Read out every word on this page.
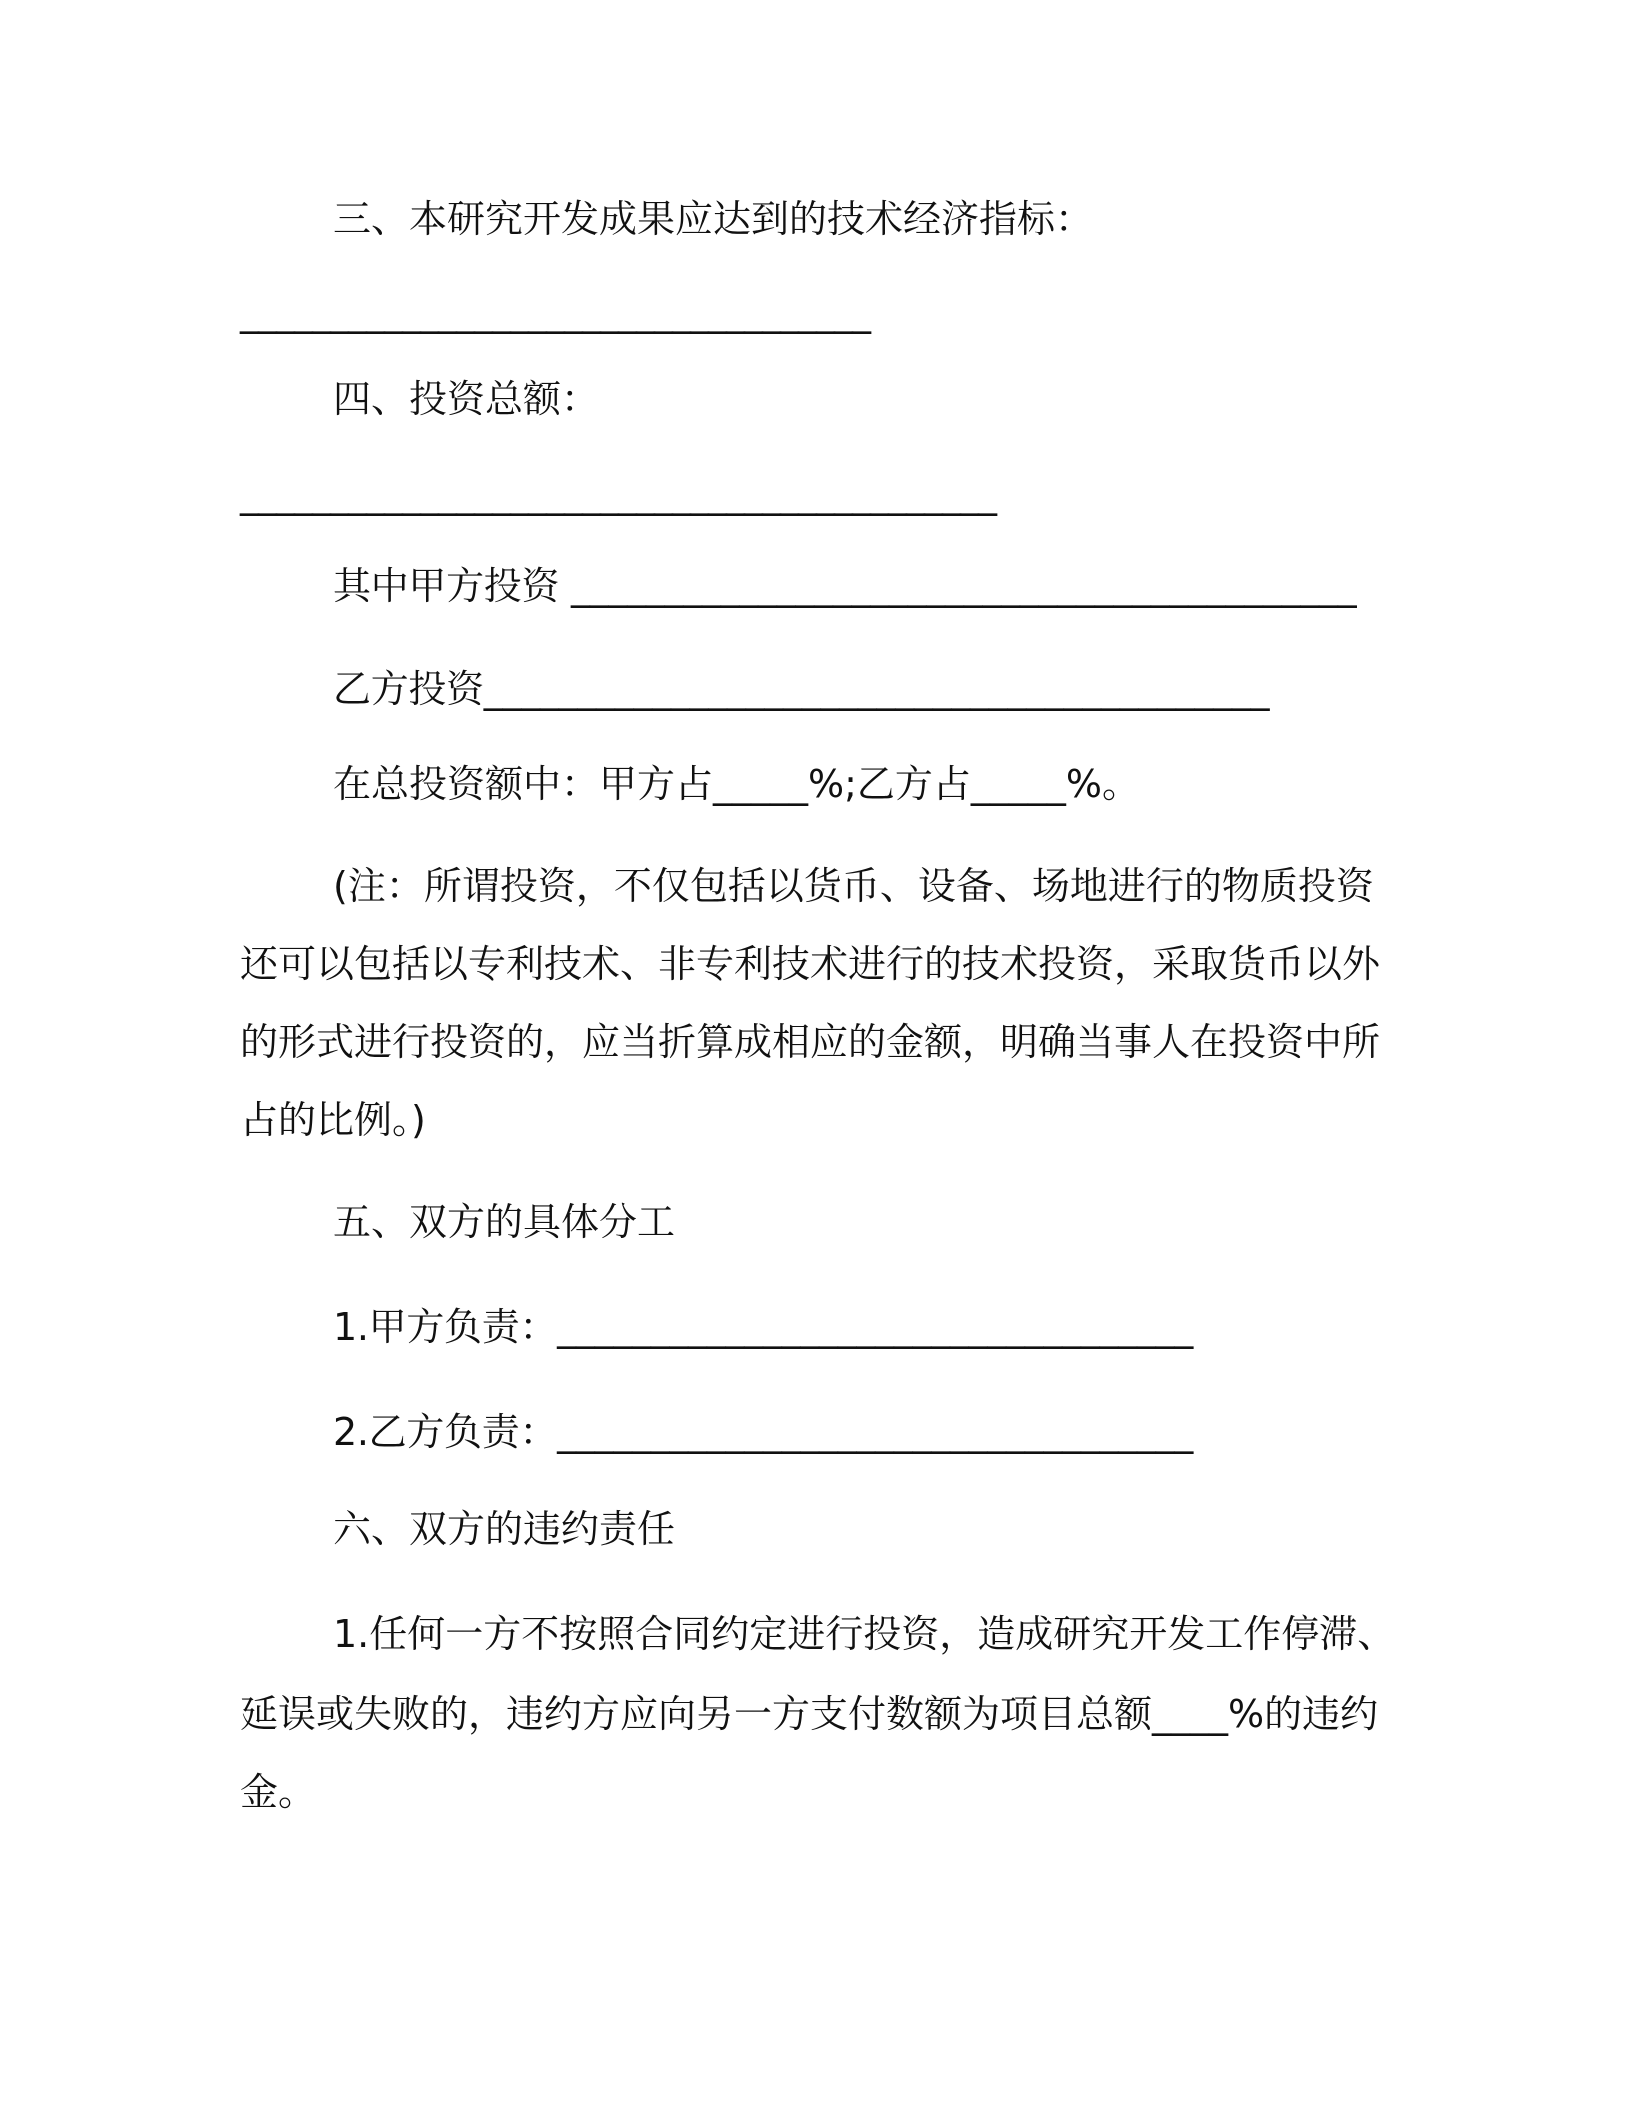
三、本研究开发成果应达到的技术经济指标：
___________________________________
四、投资总额：
__________________________________________
其中甲方投资 __________________________________________
乙方投资__________________________________________
在总投资额中：甲方占_____%;乙方占_____%。
(注：所谓投资，不仅包括以货币、设备、场地进行的物质投资
还可以包括以专利技术、非专利技术进行的技术投资，采取货币以外
的形式进行投资的，应当折算成相应的金额，明确当事人在投资中所
占的比例。)
五、双方的具体分工
1.甲方负责：__________________________________
2.乙方负责：__________________________________
六、双方的违约责任
1.任何一方不按照合同约定进行投资，造成研究开发工作停滞、
延误或失败的，违约方应向另一方支付数额为项目总额____%的违约
金。
